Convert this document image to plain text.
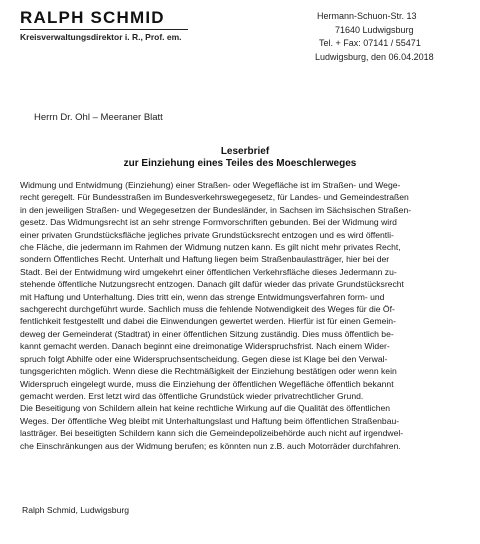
RALPH SCHMID
Kreisverwaltungsdirektor i. R., Prof. em.
Hermann-Schuon-Str. 13
71640 Ludwigsburg
Tel. + Fax: 07141 / 55471
Ludwigsburg, den 06.04.2018
Herrn Dr. Ohl – Meeraner Blatt
Leserbrief
zur Einziehung eines Teiles des Moeschlerweges
Widmung und Entwidmung (Einziehung) einer Straßen- oder Wegefläche ist im Straßen- und Wege-
recht geregelt. Für Bundesstraßen im Bundesverkehrswegegesetz, für Landes- und Gemeindestraßen
in den jeweiligen Straßen- und Wegegesetzen der Bundesländer, in Sachsen im Sächsischen Straßen-
gesetz. Das Widmungsrecht ist an sehr strenge Formvorschriften gebunden. Bei der Widmung wird
einer privaten Grundstücksfläche jegliches private Grundstücksrecht entzogen und es wird öffentli-
che Fläche, die jedermann im Rahmen der Widmung nutzen kann. Es gilt nicht mehr privates Recht,
sondern Öffentliches Recht. Unterhalt und Haftung liegen beim Straßenbaulastträger, hier bei der
Stadt. Bei der Entwidmung wird umgekehrt einer öffentlichen Verkehrsfläche dieses Jedermann zu-
stehende öffentliche Nutzungsrecht entzogen. Danach gilt dafür wieder das private Grundstücksrecht
mit Haftung und Unterhaltung. Dies tritt ein, wenn das strenge Entwidmungsverfahren form- und
sachgerecht durchgeführt wurde. Sachlich muss die fehlende Notwendigkeit des Weges für die Öf-
fentlichkeit festgestellt und dabei die Einwendungen gewertet werden. Hierfür ist für einen Gemein-
deweg der Gemeinderat (Stadtrat) in einer öffentlichen Sitzung zuständig. Dies muss öffentlich be-
kannt gemacht werden. Danach beginnt eine dreimonatige Widerspruchsfrist. Nach einem Wider-
spruch folgt Abhilfe oder eine Widerspruchsentscheidung. Gegen diese ist Klage bei den Verwal-
tungsgerichten möglich. Wenn diese die Rechtmäßigkeit der Einziehung bestätigen oder wenn kein
Widerspruch eingelegt wurde, muss die Einziehung der öffentlichen Wegefläche öffentlich bekannt
gemacht werden. Erst letzt wird das öffentliche Grundstück wieder privatrechtlicher Grund.
Die Beseitigung von Schildern allein hat keine rechtliche Wirkung auf die Qualität des öffentlichen
Weges. Der öffentliche Weg bleibt mit Unterhaltungslast und Haftung beim öffentlichen Straßenbau-
lastträger. Bei beseitigten Schildern kann sich die Gemeindepolizeibehörde auch nicht auf irgendwel-
che Einschränkungen aus der Widmung berufen; es könnten nun z.B. auch Motorräder durchfahren.
Ralph Schmid, Ludwigsburg
